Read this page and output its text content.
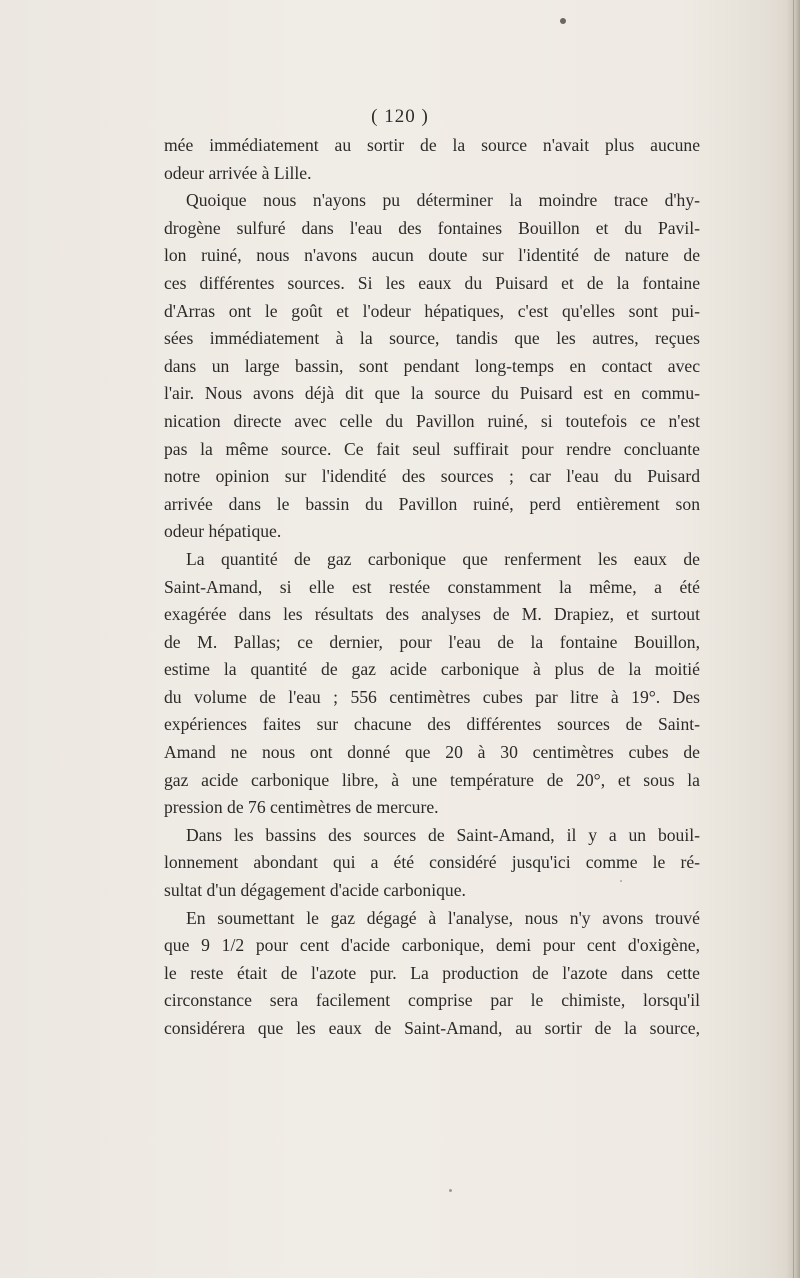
( 120 )
mée immédiatement au sortir de la source n'avait plus aucune
odeur arrivée à Lille.
Quoique nous n'ayons pu déterminer la moindre trace d'hy-
drogène sulfuré dans l'eau des fontaines Bouillon et du Pavil-
lon ruiné, nous n'avons aucun doute sur l'identité de nature de
ces différentes sources. Si les eaux du Puisard et de la fontaine
d'Arras ont le goût et l'odeur hépatiques, c'est qu'elles sont pui-
sées immédiatement à la source, tandis que les autres, reçues
dans un large bassin, sont pendant long-temps en contact avec
l'air. Nous avons déjà dit que la source du Puisard est en commu-
nication directe avec celle du Pavillon ruiné, si toutefois ce n'est
pas la même source. Ce fait seul suffirait pour rendre concluante
notre opinion sur l'idendité des sources ; car l'eau du Puisard
arrivée dans le bassin du Pavillon ruiné, perd entièrement son
odeur hépatique.
La quantité de gaz carbonique que renferment les eaux de
Saint-Amand, si elle est restée constamment la même, a été
exagérée dans les résultats des analyses de M. Drapiez, et surtout
de M. Pallas; ce dernier, pour l'eau de la fontaine Bouillon,
estime la quantité de gaz acide carbonique à plus de la moitié
du volume de l'eau ; 556 centimètres cubes par litre à 19°. Des
expériences faites sur chacune des différentes sources de Saint-
Amand ne nous ont donné que 20 à 30 centimètres cubes de
gaz acide carbonique libre, à une température de 20°, et sous la
pression de 76 centimètres de mercure.
Dans les bassins des sources de Saint-Amand, il y a un bouil-
lonnement abondant qui a été considéré jusqu'ici comme le ré-
sultat d'un dégagement d'acide carbonique.
En soumettant le gaz dégagé à l'analyse, nous n'y avons trouvé
que 9 1/2 pour cent d'acide carbonique, demi pour cent d'oxigène,
le reste était de l'azote pur. La production de l'azote dans cette
circonstance sera facilement comprise par le chimiste, lorsqu'il
considérera que les eaux de Saint-Amand, au sortir de la source,
